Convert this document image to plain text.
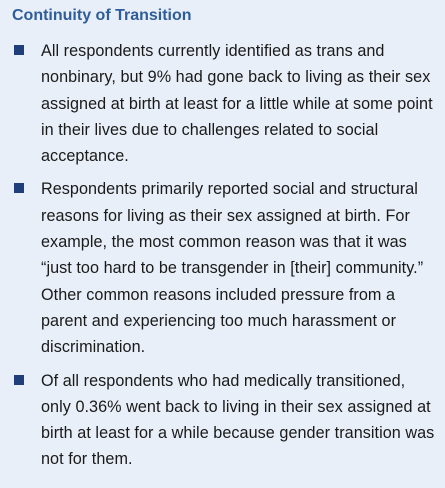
Continuity of Transition
All respondents currently identified as trans and nonbinary, but 9% had gone back to living as their sex assigned at birth at least for a little while at some point in their lives due to challenges related to social acceptance.
Respondents primarily reported social and structural reasons for living as their sex assigned at birth. For example, the most common reason was that it was “just too hard to be transgender in [their] community.” Other common reasons included pressure from a parent and experiencing too much harassment or discrimination.
Of all respondents who had medically transitioned, only 0.36% went back to living in their sex assigned at birth at least for a while because gender transition was not for them.
